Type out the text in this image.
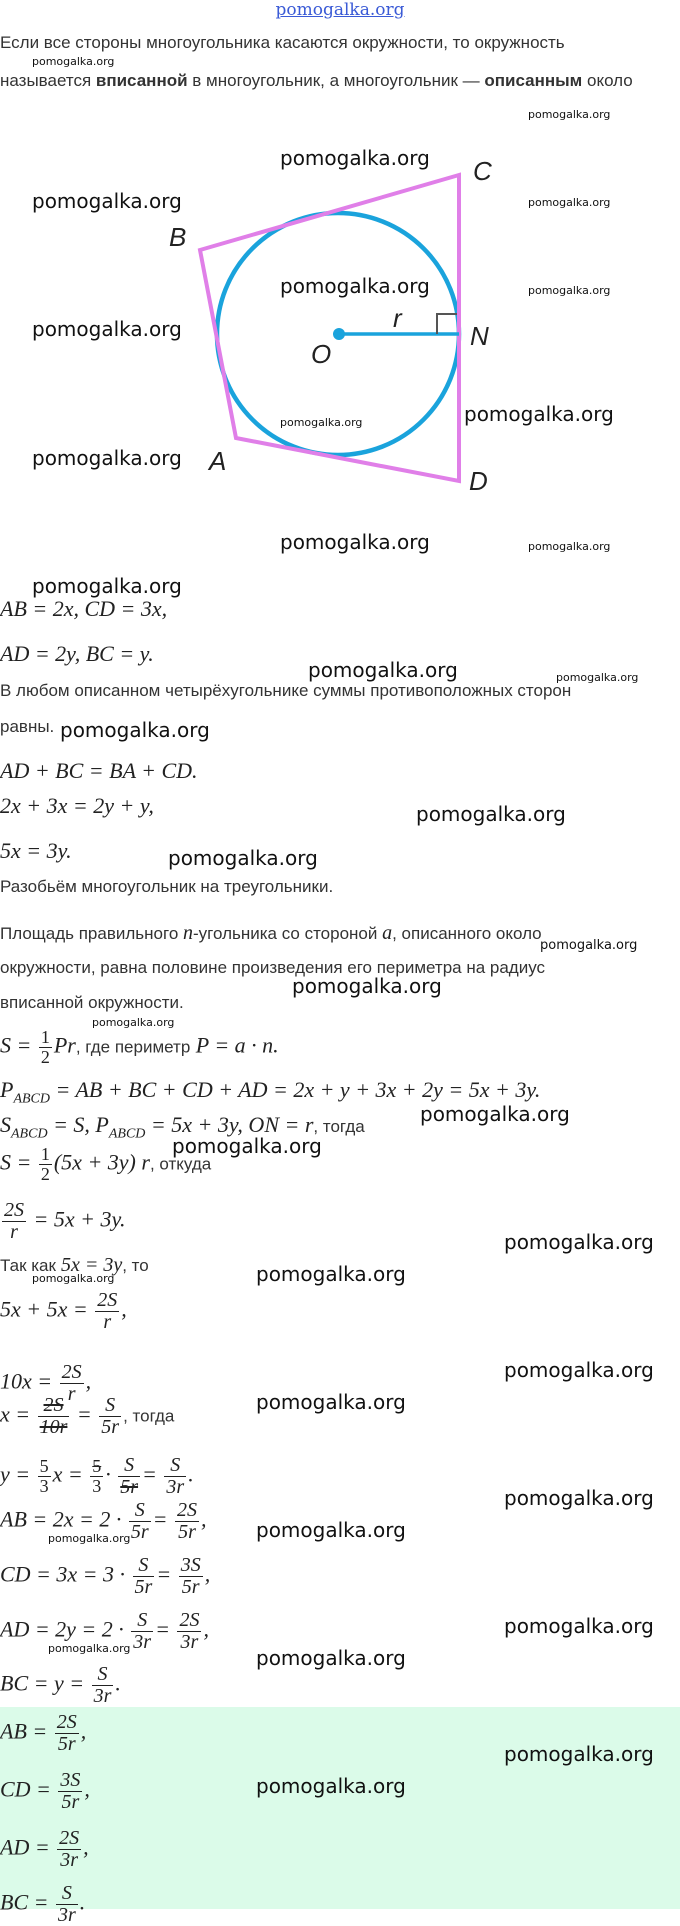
pomogalka.org
Если все стороны многоугольника касаются окружности, то окружность
называется вписанной в многоугольник, а многоугольник — описанным около
B
C
O
r
N
A
D
AB = 2x, CD = 3x,
AD = 2y, BC = y.
В любом описанном четырёхугольнике суммы противоположных сторон
равны.
AD + BC = BA + CD.
2x + 3x = 2y + y,
5x = 3y.
Разобьём многоугольник на треугольники.
Площадь правильного n-угольника со стороной a, описанного около
окружности, равна половине произведения его периметра на радиус
вписанной окружности.
$S = \frac{1}{2} Pr$, где периметр P = a · n.
$P_{ABCD}$ = AB + BC + CD + AD = 2x + y + 3x + 2y = 5x + 3y.
$S_{ABCD} = S$, $P_{ABCD} = 5x + 3y$, ON = r, тогда
$S = \frac{1}{2} (5x + 3y)$ r, откуда
$\frac{2S}{r} = 5x + 3y$.
Так как 5x = 3y, то
$5x + 5x = \frac{2S}{r}$ ,
$10x = \frac{2S}{r}$ ,
$x = \frac{2S}{10r} = \frac{S}{5r}$ , тогда
$y = \frac{5}{3}$ $x = \frac{5}{3} \cdot \frac{S}{5r} = \frac{S}{3r}$ .
AB = $2x = 2 \cdot \frac{S}{5r} = \frac{2S}{5r}$ ,
CD = $3x = 3 \cdot \frac{S}{5r} = \frac{3S}{5r}$ ,
AD = $2y = 2 \cdot \frac{S}{3r} = \frac{2S}{3r}$ ,
BC = $y = \frac{S}{3r}$ .
AB = $\frac{2S}{5r}$ ,
CD = $\frac{3S}{5r}$ ,
AD = $\frac{2S}{3r}$ ,
BC = $\frac{S}{3r}$ .
pomogalka.org
pomogalka.org
pomogalka.org
pomogalka.org	pomogalka.org
pomogalka.org	pomogalka.org
pomogalka.org
pomogalka.org
pomogalka.org
pomogalka.org
pomogalka.org	pomogalka.org
pomogalka.org
pomogalka.org	pomogalka.org
pomogalka.org
pomogalka.org
pomogalka.org
pomogalka.org
pomogalka.org
pomogalka.org
pomogalka.org
pomogalka.org
pomogalka.org
pomogalka.org
pomogalka.org
pomogalka.org
pomogalka.org
pomogalka.org
pomogalka.org
pomogalka.org
pomogalka.org
pomogalka.org
pomogalka.org
pomogalka.org
pomogalka.org
